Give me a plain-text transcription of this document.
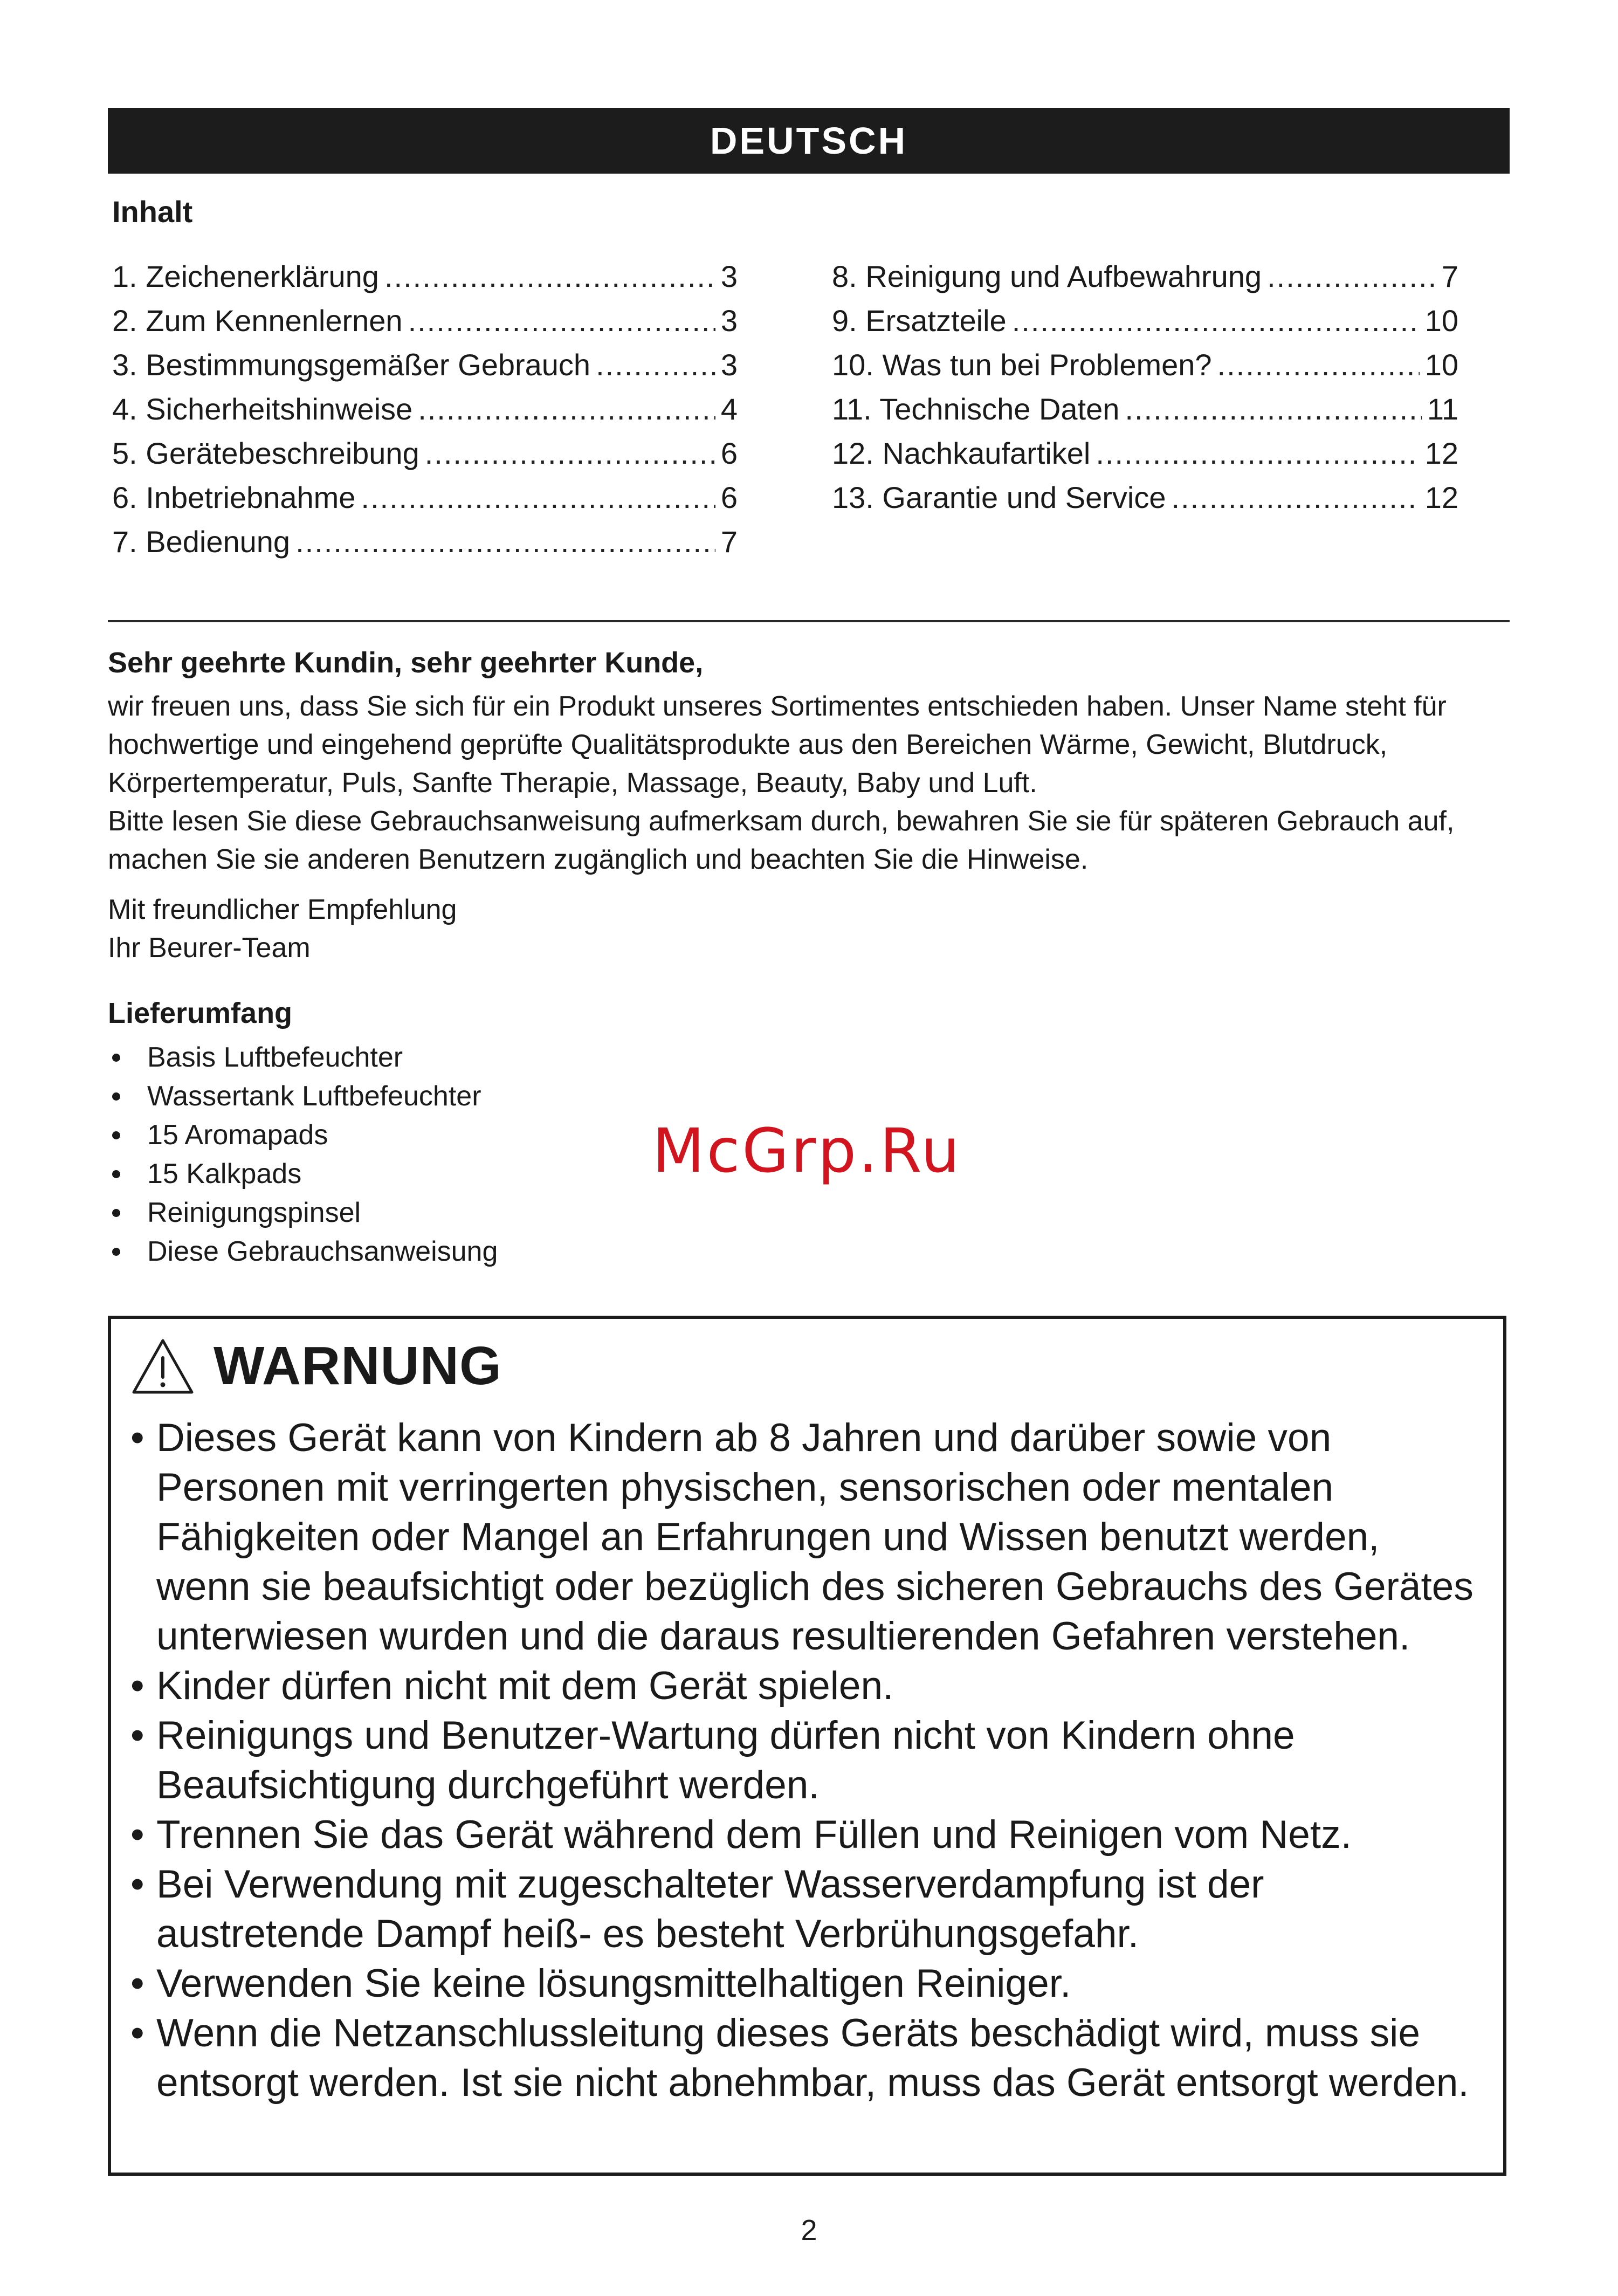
DEUTSCH
Inhalt
1. Zeichenerklärung .....	3
2. Zum Kennenlernen .....	3
3. Bestimmungsgemäßer Gebrauch .....	3
4. Sicherheitshinweise .....	4
5. Gerätebeschreibung .....	6
6. Inbetriebnahme .....	6
7. Bedienung .....	7
8. Reinigung und Aufbewahrung .....	7
9. Ersatzteile .....	10
10. Was tun bei Problemen? .....	10
11. Technische Daten .....	11
12. Nachkaufartikel .....	12
13. Garantie und Service .....	12
Sehr geehrte Kundin, sehr geehrter Kunde,

wir freuen uns, dass Sie sich für ein Produkt unseres Sortimentes entschieden haben. Unser Name steht für hochwertige und eingehend geprüfte Qualitätsprodukte aus den Bereichen Wärme, Gewicht, Blutdruck, Körpertemperatur, Puls, Sanfte Therapie, Massage, Beauty, Baby und Luft.

Bitte lesen Sie diese Gebrauchsanweisung aufmerksam durch, bewahren Sie sie für späteren Gebrauch auf, machen Sie sie anderen Benutzern zugänglich und beachten Sie die Hinweise.

Mit freundlicher Empfehlung
Ihr Beurer-Team
Lieferumfang
Basis Luftbefeuchter
Wassertank Luftbefeuchter
15 Aromapads
15 Kalkpads
Reinigungspinsel
Diese Gebrauchsanweisung
McGrp.Ru
WARNUNG
• Dieses Gerät kann von Kindern ab 8 Jahren und darüber sowie von Personen mit verringerten physischen, sensorischen oder mentalen Fähigkeiten oder Mangel an Erfahrungen und Wissen benutzt werden, wenn sie beaufsichtigt oder bezüglich des sicheren Gebrauchs des Gerätes unterwiesen wurden und die daraus resultierenden Gefahren verstehen.
• Kinder dürfen nicht mit dem Gerät spielen.
• Reinigungs und Benutzer-Wartung dürfen nicht von Kindern ohne Beaufsichtigung durchgeführt werden.
• Trennen Sie das Gerät während dem Füllen und Reinigen vom Netz.
• Bei Verwendung mit zugeschalteter Wasserverdampfung ist der austretende Dampf heiß- es besteht Verbrühungsgefahr.
• Verwenden Sie keine lösungsmittelhaltigen Reiniger.
• Wenn die Netzanschlussleitung dieses Geräts beschädigt wird, muss sie entsorgt werden. Ist sie nicht abnehmbar, muss das Gerät entsorgt werden.
2
